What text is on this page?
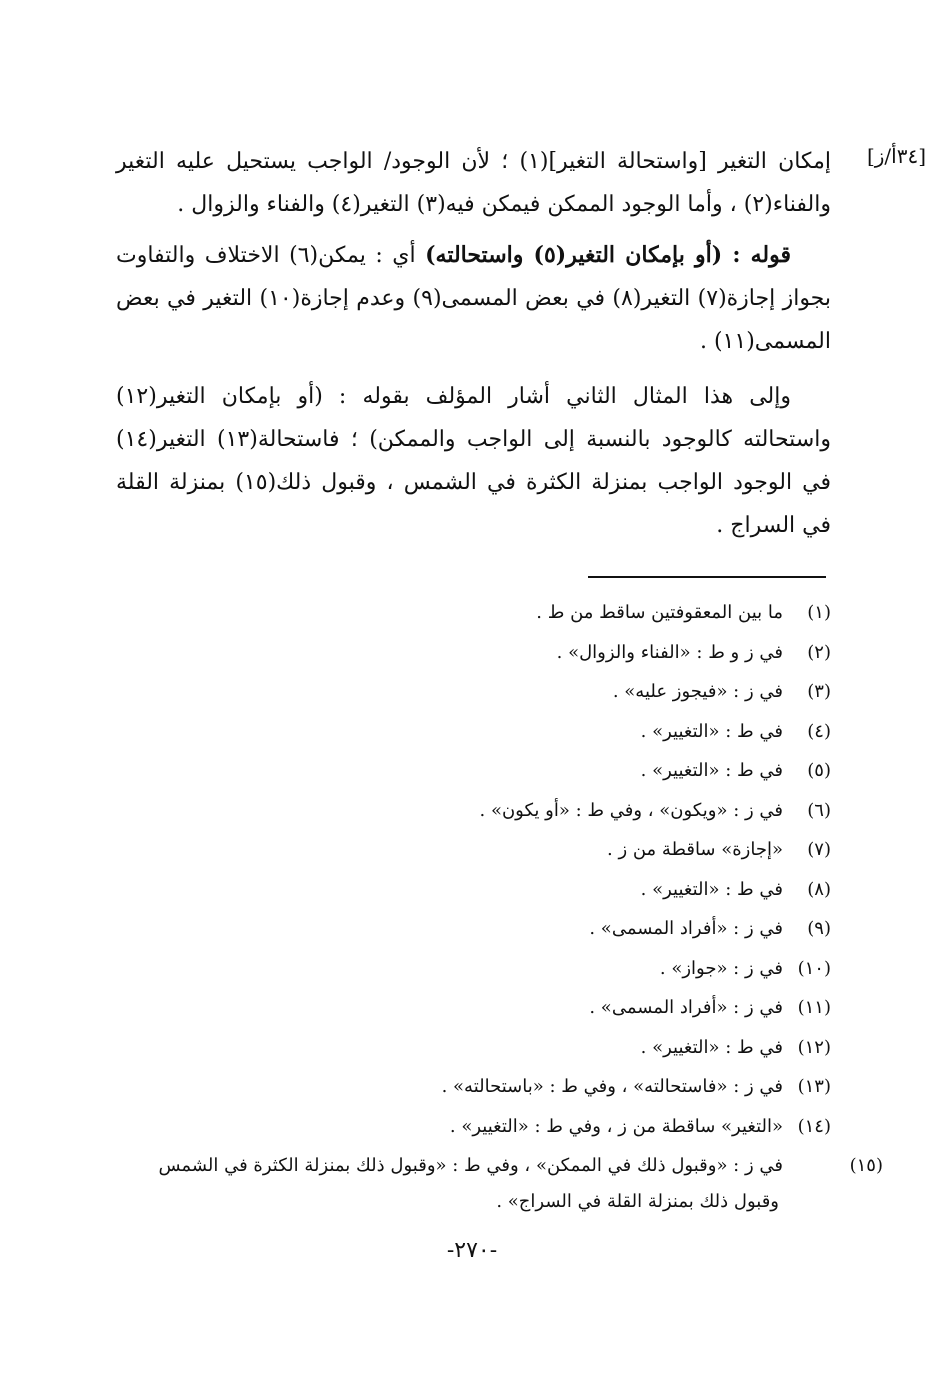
[٣٤أ/ز]

إمكان التغير [واستحالة التغير](١) ؛ لأن الوجود/ الواجب يستحيل عليه التغير والفناء(٢) ، وأما الوجود الممكن فيمكن فيه(٣) التغير(٤) والفناء والزوال .

قوله : (أو بإمكان التغير(٥) واستحالته) أي : يمكن(٦) الاختلاف والتفاوت بجواز إجازة(٧) التغير(٨) في بعض المسمى(٩) وعدم إجازة(١٠) التغير في بعض المسمى(١١) .

وإلى هذا المثال الثاني أشار المؤلف بقوله : (أو بإمكان التغير(١٢) واستحالته كالوجود بالنسبة إلى الواجب والممكن) ؛ فاستحالة(١٣) التغير(١٤) في الوجود الواجب بمنزلة الكثرة في الشمس ، وقبول ذلك(١٥) بمنزلة القلة في السراج .

(١)ما بين المعقوفتين ساقط من ط .
(٢)في ز و ط : «الفناء والزوال» .
(٣)في ز : «فيجوز عليه» .
(٤)في ط : «التغيير» .
(٥)في ط : «التغيير» .
(٦)في ز : «ويكون» ، وفي ط : «أو يكون» .
(٧)«إجازة» ساقطة من ز .
(٨)في ط : «التغيير» .
(٩)في ز : «أفراد المسمى» .
(١٠)في ز : «جواز» .
(١١)في ز : «أفراد المسمى» .
(١٢)في ط : «التغيير» .
(١٣)في ز : «فاستحالته» ، وفي ط : «باستحالته» .
(١٤)«التغير» ساقطة من ز ، وفي ط : «التغيير» .
(١٥)في ز : «وقبول ذلك في الممكن» ، وفي ط : «وقبول ذلك بمنزلة الكثرة في الشمس وقبول ذلك بمنزلة القلة في السراج» .
-٢٧٠-
